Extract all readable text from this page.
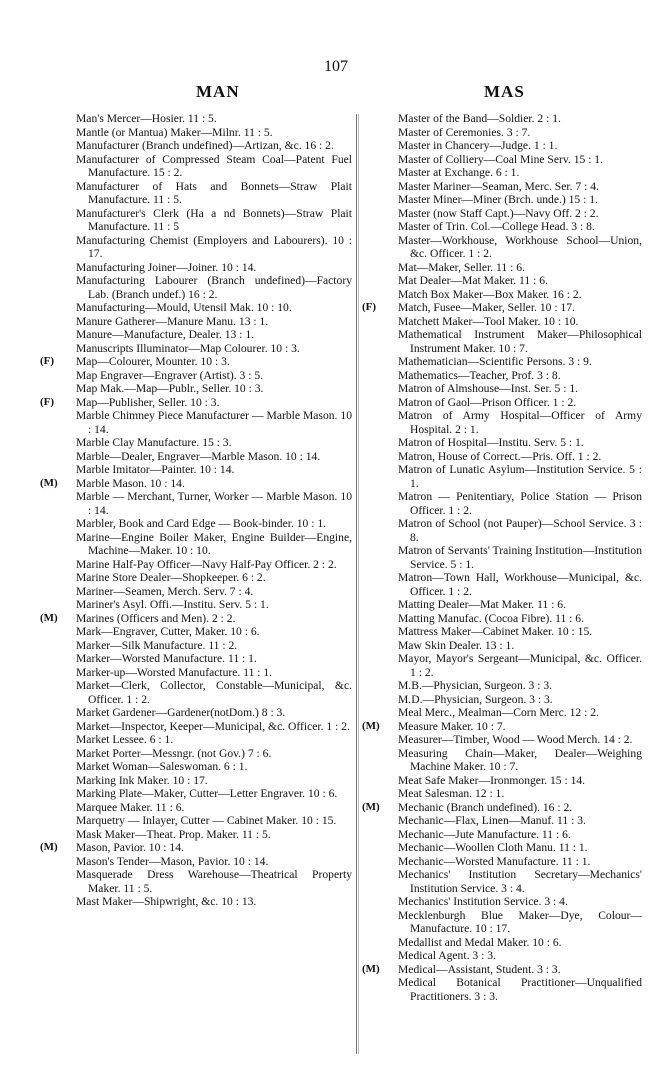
107
MAN	MAS

Man's Mercer—Hosier. 11 : 5.

Mantle (or Mantua) Maker—Milnr. 11 : 5.

Manufacturer (Branch undefined)—Artizan, &c. 16 : 2.

Manufacturer of Compressed Steam Coal—Patent Fuel Manufacture. 15 : 2.

Manufacturer of Hats and Bonnets—Straw Plait Manufacture. 11 : 5.

Manufacturer's Clerk (Ha a nd Bonnets)—Straw Plait Manufacture. 11 : 5

Manufacturing Chemist (Employers and Labourers). 10 : 17.

Manufacturing Joiner—Joiner. 10 : 14.

Manufacturing Labourer (Branch undefined)—Factory Lab. (Branch undef.) 16 : 2.

Manufacturing—Mould, Utensil Mak. 10 : 10.

Manure Gatherer—Manure Manu. 13 : 1.

Manure—Manufacture, Dealer. 13 : 1.

Manuscripts Illuminator—Map Colourer. 10 : 3.

(F) Map—Colourer, Mounter. 10 : 3.

Map Engraver—Engraver (Artist). 3 : 5.

Map Mak.—Map—Publr., Seller. 10 : 3.

(F) Map—Publisher, Seller. 10 : 3.

Marble Chimney Piece Manufacturer — Marble Mason. 10 : 14.

Marble Clay Manufacture. 15 : 3.

Marble—Dealer, Engraver—Marble Mason. 10 : 14.

Marble Imitator—Painter. 10 : 14.

(M) Marble Mason. 10 : 14.

Marble — Merchant, Turner, Worker — Marble Mason. 10 : 14.

Marbler, Book and Card Edge — Book-binder. 10 : 1.

Marine—Engine Boiler Maker, Engine Builder—Engine, Machine—Maker. 10 : 10.

Marine Half-Pay Officer—Navy Half-Pay Officer. 2 : 2.

Marine Store Dealer—Shopkeeper. 6 : 2.

Mariner—Seamen, Merch. Serv. 7 : 4.

Mariner's Asyl. Offi.—Institu. Serv. 5 : 1.

(M) Marines (Officers and Men). 2 : 2.

Mark—Engraver, Cutter, Maker. 10 : 6.

Marker—Silk Manufacture. 11 : 2.

Marker—Worsted Manufacture. 11 : 1.

Marker-up—Worsted Manufacture. 11 : 1.

Market—Clerk, Collector, Constable—Municipal, &c. Officer. 1 : 2.

Market Gardener—Gardener(notDom.) 8 : 3.

Market—Inspector, Keeper—Municipal, &c. Officer. 1 : 2.

Market Lessee. 6 : 1.

Market Porter—Messngr. (not Gov.) 7 : 6.

Market Woman—Saleswoman. 6 : 1.

Marking Ink Maker. 10 : 17.

Marking Plate—Maker, Cutter—Letter Engraver. 10 : 6.

Marquee Maker. 11 : 6.

Marquetry — Inlayer, Cutter — Cabinet Maker. 10 : 15.

Mask Maker—Theat. Prop. Maker. 11 : 5.

(M) Mason, Pavior. 10 : 14.

Mason's Tender—Mason, Pavior. 10 : 14.

Masquerade Dress Warehouse—Theatrical Property Maker. 11 : 5.

Mast Maker—Shipwright, &c. 10 : 13.

Master of the Band—Soldier. 2 : 1.

Master of Ceremonies. 3 : 7.

Master in Chancery—Judge. 1 : 1.

Master of Colliery—Coal Mine Serv. 15 : 1.

Master at Exchange. 6 : 1.

Master Mariner—Seaman, Merc. Ser. 7 : 4.

Master Miner—Miner (Brch. unde.) 15 : 1.

Master (now Staff Capt.)—Navy Off. 2 : 2.

Master of Trin. Col.—College Head. 3 : 8.

Master—Workhouse, Workhouse School—Union, &c. Officer. 1 : 2.

Mat—Maker, Seller. 11 : 6.

Mat Dealer—Mat Maker. 11 : 6.

Match Box Maker—Box Maker. 16 : 2.

(F) Match, Fusee—Maker, Seller. 10 : 17.

Matchett Maker—Tool Maker. 10 : 10.

Mathematical Instrument Maker—Philosophical Instrument Maker. 10 : 7.

Mathematician—Scientific Persons. 3 : 9.

Mathematics—Teacher, Prof. 3 : 8.

Matron of Almshouse—Inst. Ser. 5 : 1.

Matron of Gaol—Prison Officer. 1 : 2.

Matron of Army Hospital—Officer of Army Hospital. 2 : 1.

Matron of Hospital—Institu. Serv. 5 : 1.

Matron, House of Correct.—Pris. Off. 1 : 2.

Matron of Lunatic Asylum—Institution Service. 5 : 1.

Matron — Penitentiary, Police Station — Prison Officer. 1 : 2.

Matron of School (not Pauper)—School Service. 3 : 8.

Matron of Servants' Training Institution—Institution Service. 5 : 1.

Matron—Town Hall, Workhouse—Municipal, &c. Officer. 1 : 2.

Matting Dealer—Mat Maker. 11 : 6.

Matting Manufac. (Cocoa Fibre). 11 : 6.

Mattress Maker—Cabinet Maker. 10 : 15.

Maw Skin Dealer. 13 : 1.

Mayor, Mayor's Sergeant—Municipal, &c. Officer. 1 : 2.

M.B.—Physician, Surgeon. 3 : 3.

M.D.—Physician, Surgeon. 3 : 3.

Meal Merc., Mealman—Corn Merc. 12 : 2.

(M) Measure Maker. 10 : 7.

Measurer—Timber, Wood — Wood Merch. 14 : 2.

Measuring Chain—Maker, Dealer—Weighing Machine Maker. 10 : 7.

Meat Safe Maker—Ironmonger. 15 : 14.

Meat Salesman. 12 : 1.

(M) Mechanic (Branch undefined). 16 : 2.

Mechanic—Flax, Linen—Manuf. 11 : 3.

Mechanic—Jute Manufacture. 11 : 6.

Mechanic—Woollen Cloth Manu. 11 : 1.

Mechanic—Worsted Manufacture. 11 : 1.

Mechanics' Institution Secretary—Mechanics' Institution Service. 3 : 4.

Mechanics' Institution Service. 3 : 4.

Mecklenburgh Blue Maker—Dye, Colour—Manufacture. 10 : 17.

Medallist and Medal Maker. 10 : 6.

Medical Agent. 3 : 3.

(M) Medical—Assistant, Student. 3 : 3.

Medical Botanical Practitioner—Unqualified Practitioners. 3 : 3.
